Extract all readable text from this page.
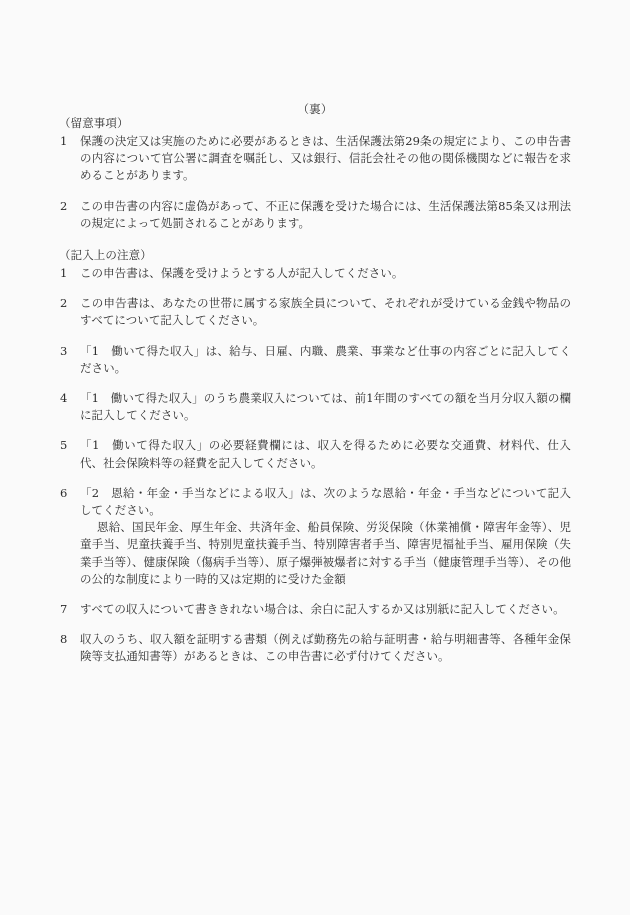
（裏）
（留意事項）
1	保護の決定又は実施のために必要があるときは、生活保護法第29条の規定により、この申告書の内容について官公署に調査を嘱託し、又は銀行、信託会社その他の関係機関などに報告を求めることがあります。
2	この申告書の内容に虚偽があって、不正に保護を受けた場合には、生活保護法第85条又は刑法の規定によって処罰されることがあります。
（記入上の注意）
1	この申告書は、保護を受けようとする人が記入してください。
2	この申告書は、あなたの世帯に属する家族全員について、それぞれが受けている金銭や物品のすべてについて記入してください。
3	「1　働いて得た収入」は、給与、日雇、内職、農業、事業など仕事の内容ごとに記入してください。
4	「1　働いて得た収入」のうち農業収入については、前1年間のすべての額を当月分収入額の欄に記入してください。
5	「1　働いて得た収入」の必要経費欄には、収入を得るために必要な交通費、材料代、仕入代、社会保険料等の経費を記入してください。
6	「2　恩給・年金・手当などによる収入」は、次のような恩給・年金・手当などについて記入してください。
恩給、国民年金、厚生年金、共済年金、船員保険、労災保険（休業補償・障害年金等）、児童手当、児童扶養手当、特別児童扶養手当、特別障害者手当、障害児福祉手当、雇用保険（失業手当等）、健康保険（傷病手当等）、原子爆弾被爆者に対する手当（健康管理手当等）、その他の公的な制度により一時的又は定期的に受けた金額
7	すべての収入について書ききれない場合は、余白に記入するか又は別紙に記入してください。
8	収入のうち、収入額を証明する書類（例えば勤務先の給与証明書・給与明細書等、各種年金保険等支払通知書等）があるときは、この申告書に必ず付けてください。
